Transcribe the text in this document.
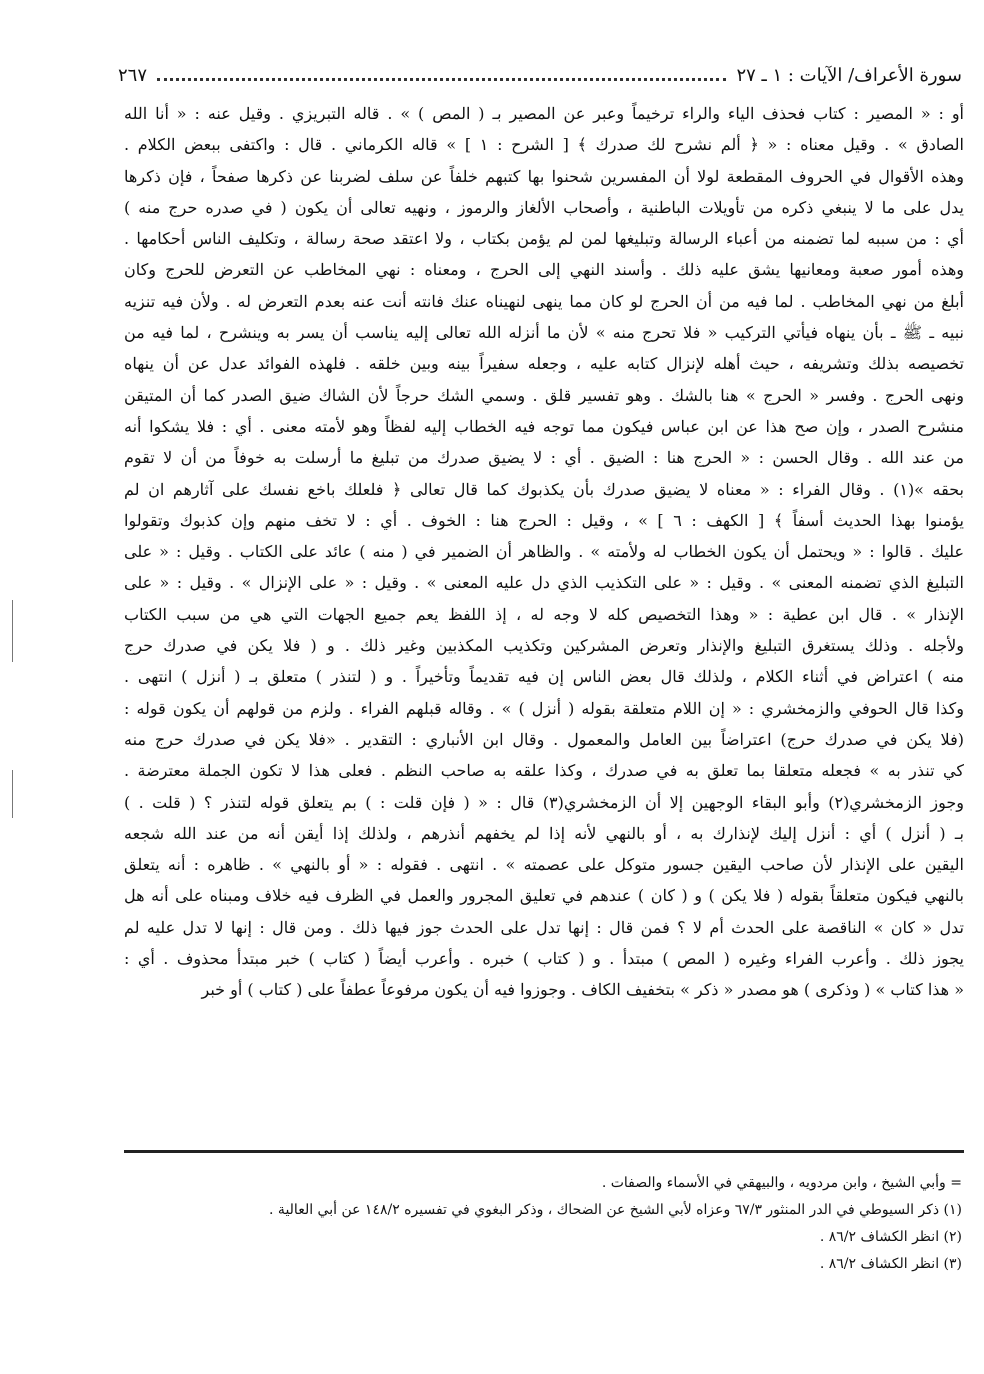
سورة الأعراف/ الآيات : ١ ـ ٢٧
٢٦٧
أو : « المصير : كتاب فحذف الياء والراء ترخيماً وعبر عن المصير بـ ( المص ) » . قاله التبريزي . وقيل عنه : « أنا الله
الصادق » . وقيل معناه : « ﴿ ألم نشرح لك صدرك ﴾ [ الشرح : ١ ] » قاله الكرماني . قال : واكتفى ببعض الكلام .
وهذه الأقوال في الحروف المقطعة لولا أن المفسرين شحنوا بها كتبهم خلفاً عن سلف لضربنا عن ذكرها صفحاً ، فإن ذكرها
يدل على ما لا ينبغي ذكره من تأويلات الباطنية ، وأصحاب الألغاز والرموز ، ونهيه تعالى أن يكون ( في صدره حرج منه )
أي : من سببه لما تضمنه من أعباء الرسالة وتبليغها لمن لم يؤمن بكتاب ، ولا اعتقد صحة رسالة ، وتكليف الناس أحكامها .
وهذه أمور صعبة ومعانيها يشق عليه ذلك . وأسند النهي إلى الحرج ، ومعناه : نهي المخاطب عن التعرض للحرج وكان
أبلغ من نهي المخاطب . لما فيه من أن الحرج لو كان مما ينهى لنهيناه عنك فانته أنت عنه بعدم التعرض له . ولأن فيه تنزيه
نبيه ـ ﷺ ـ بأن ينهاه فيأتي التركيب « فلا تحرج منه » لأن ما أنزله الله تعالى إليه يناسب أن يسر به وينشرح ، لما فيه من
تخصيصه بذلك وتشريفه ، حيث أهله لإنزال كتابه عليه ، وجعله سفيراً بينه وبين خلقه . فلهذه الفوائد عدل عن أن ينهاه
ونهى الحرج . وفسر « الحرج » هنا بالشك . وهو تفسير قلق . وسمي الشك حرجاً لأن الشاك ضيق الصدر كما أن المتيقن
منشرح الصدر ، وإن صح هذا عن ابن عباس فيكون مما توجه فيه الخطاب إليه لفظاً وهو لأمته معنى . أي : فلا يشكوا أنه
من عند الله . وقال الحسن : « الحرج هنا : الضيق . أي : لا يضيق صدرك من تبليغ ما أرسلت به خوفاً من أن لا تقوم
بحقه »(١) . وقال الفراء : « معناه لا يضيق صدرك بأن يكذبوك كما قال تعالى ﴿ فلعلك باخع نفسك على آثارهم ان لم
يؤمنوا بهذا الحديث أسفاً ﴾ [ الكهف : ٦ ] » ، وقيل : الحرج هنا : الخوف . أي : لا تخف منهم وإن كذبوك وتقولوا
عليك . قالوا : « ويحتمل أن يكون الخطاب له ولأمته » . والظاهر أن الضمير في ( منه ) عائد على الكتاب . وقيل : « على
التبليغ الذي تضمنه المعنى » . وقيل : « على التكذيب الذي دل عليه المعنى » . وقيل : « على الإنزال » . وقيل : « على
الإنذار » . قال ابن عطية : « وهذا التخصيص كله لا وجه له ، إذ اللفظ يعم جميع الجهات التي هي من سبب الكتاب
ولأجله . وذلك يستغرق التبليغ والإنذار وتعرض المشركين وتكذيب المكذبين وغير ذلك . و ( فلا يكن في صدرك حرج
منه ) اعتراض في أثناء الكلام ، ولذلك قال بعض الناس إن فيه تقديماً وتأخيراً . و ( لتنذر ) متعلق بـ ( أنزل ) انتهى .
وكذا قال الحوفي والزمخشري : « إن اللام متعلقة بقوله ( أنزل ) » . وقاله قبلهم الفراء . ولزم من قولهم أن يكون قوله :
(فلا يكن في صدرك حرج) اعتراضاً بين العامل والمعمول . وقال ابن الأنباري : التقدير . «فلا يكن في صدرك حرج منه
كي تنذر به » فجعله متعلقا بما تعلق به في صدرك ، وكذا علقه به صاحب النظم . فعلى هذا لا تكون الجملة معترضة .
وجوز الزمخشري(٢) وأبو البقاء الوجهين إلا أن الزمخشري(٣) قال : « ( فإن قلت : ) بم يتعلق قوله لتنذر ؟ ( قلت . )
بـ ( أنزل ) أي : أنزل إليك لإنذارك به ، أو بالنهي لأنه إذا لم يخفهم أنذرهم ، ولذلك إذا أيقن أنه من عند الله شجعه
اليقين على الإنذار لأن صاحب اليقين جسور متوكل على عصمته » . انتهى . فقوله : « أو بالنهي » . ظاهره : أنه يتعلق
بالنهي فيكون متعلقاً بقوله ( فلا يكن ) و ( كان ) عندهم في تعليق المجرور والعمل في الظرف فيه خلاف ومبناه على أنه هل
تدل « كان » الناقصة على الحدث أم لا ؟ فمن قال : إنها تدل على الحدث جوز فيها ذلك . ومن قال : إنها لا تدل عليه لم
يجوز ذلك . وأعرب الفراء وغيره ( المص ) مبتدأ . و ( كتاب ) خبره . وأعرب أيضاً ( كتاب ) خبر مبتدأ محذوف . أي :
« هذا كتاب » ( وذكرى ) هو مصدر « ذكر » بتخفيف الكاف . وجوزوا فيه أن يكون مرفوعاً عطفاً على ( كتاب ) أو خبر
= وأبي الشيخ ، وابن مردويه ، والبيهقي في الأسماء والصفات .
(١) ذكر السيوطي في الدر المنثور ٦٧/٣ وعزاه لأبي الشيخ عن الضحاك ، وذكر البغوي في تفسيره ١٤٨/٢ عن أبي العالية .
(٢) انظر الكشاف ٨٦/٢ .
(٣) انظر الكشاف ٨٦/٢ .
